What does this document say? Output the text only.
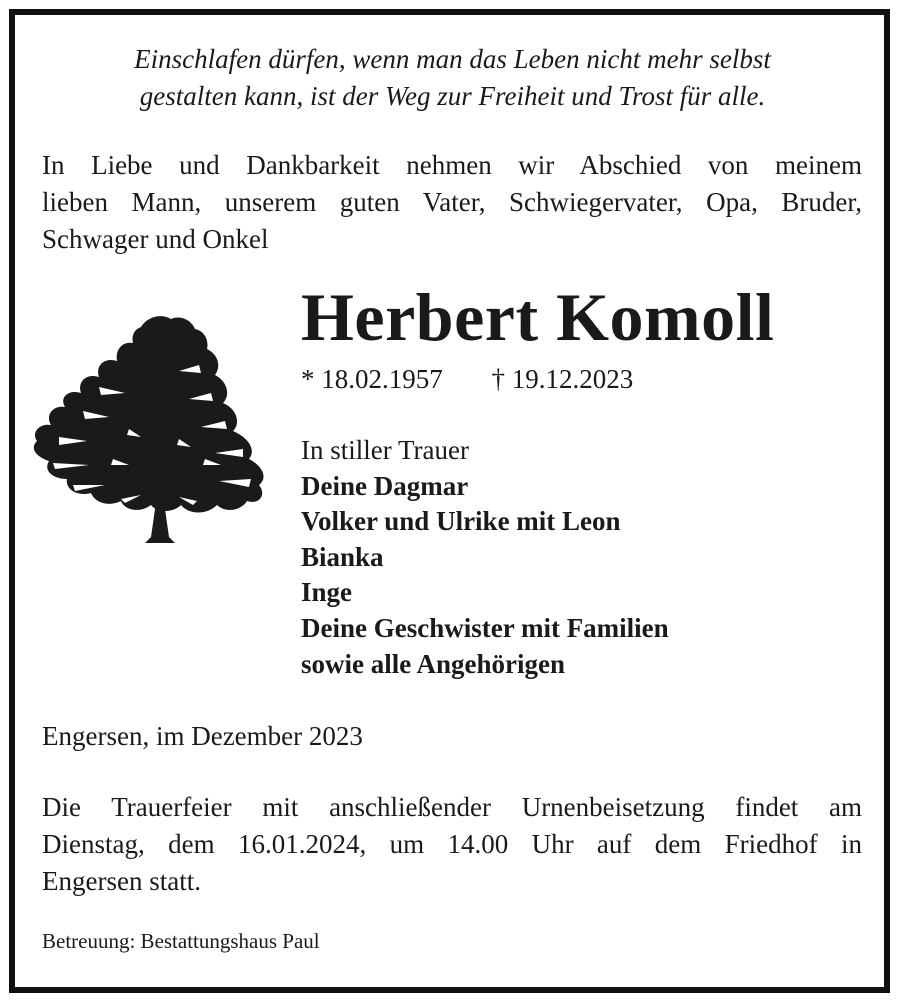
Einschlafen dürfen, wenn man das Leben nicht mehr selbst
gestalten kann, ist der Weg zur Freiheit und Trost für alle.
In Liebe und Dankbarkeit nehmen wir Abschied von meinem
lieben Mann, unserem guten Vater, Schwiegervater, Opa, Bruder,
Schwager und Onkel
Herbert Komoll
* 18.02.1957 † 19.12.2023
In stiller Trauer
Deine Dagmar
Volker und Ulrike mit Leon
Bianka
Inge
Deine Geschwister mit Familien
sowie alle Angehörigen
Engersen, im Dezember 2023
Die Trauerfeier mit anschließender Urnenbeisetzung findet am
Dienstag, dem 16.01.2024, um 14.00 Uhr auf dem Friedhof in
Engersen statt.
Betreuung: Bestattungshaus Paul
